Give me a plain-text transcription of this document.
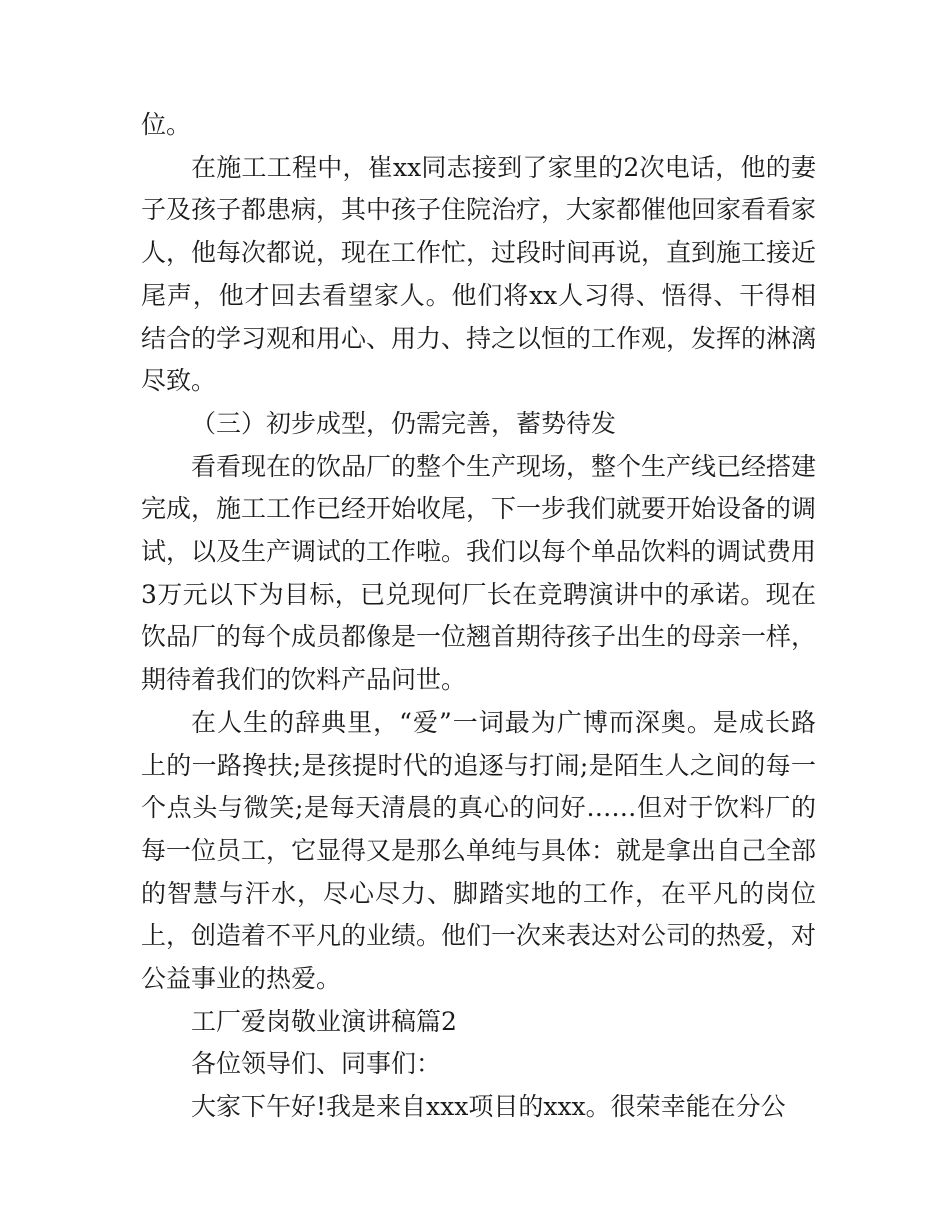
位。

在施工工程中，崔xx同志接到了家里的2次电话，他的妻子及孩子都患病，其中孩子住院治疗，大家都催他回家看看家人，他每次都说，现在工作忙，过段时间再说，直到施工接近尾声，他才回去看望家人。他们将xx人习得、悟得、干得相结合的学习观和用心、用力、持之以恒的工作观，发挥的淋漓尽致。

（三）初步成型，仍需完善，蓄势待发

看看现在的饮品厂的整个生产现场，整个生产线已经搭建完成，施工工作已经开始收尾，下一步我们就要开始设备的调试，以及生产调试的工作啦。我们以每个单品饮料的调试费用3万元以下为目标，已兑现何厂长在竞聘演讲中的承诺。现在饮品厂的每个成员都像是一位翘首期待孩子出生的母亲一样，期待着我们的饮料产品问世。

在人生的辞典里，“爱”一词最为广博而深奥。是成长路上的一路搀扶;是孩提时代的追逐与打闹;是陌生人之间的每一个点头与微笑;是每天清晨的真心的问好……但对于饮料厂的每一位员工，它显得又是那么单纯与具体：就是拿出自己全部的智慧与汗水，尽心尽力、脚踏实地的工作，在平凡的岗位上，创造着不平凡的业绩。他们一次来表达对公司的热爱，对公益事业的热爱。

工厂爱岗敬业演讲稿篇2

各位领导们、同事们：

大家下午好!我是来自xxx项目的xxx。很荣幸能在分公
